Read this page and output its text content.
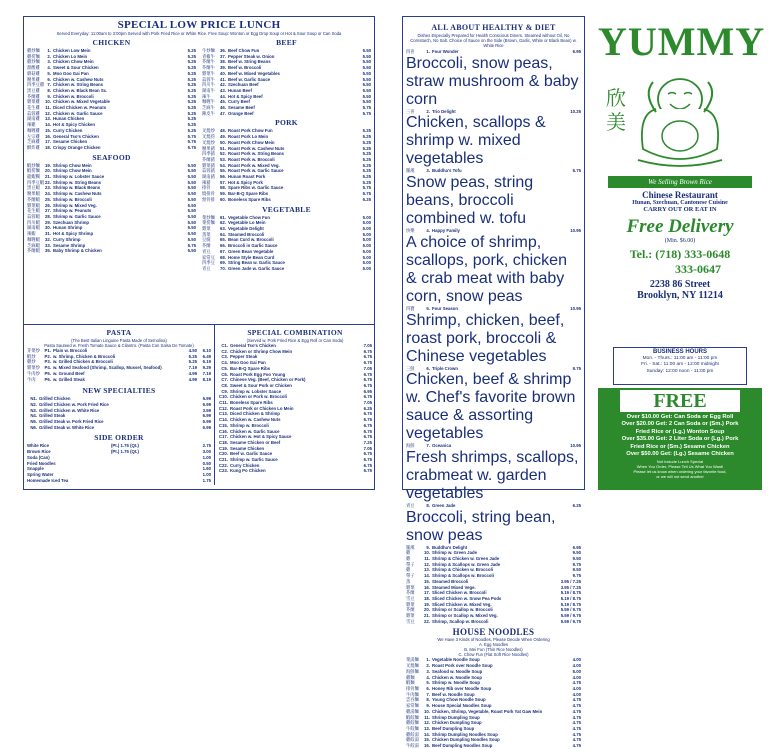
SPECIAL LOW PRICE LUNCH
Served Everyday: 11:00am to 3:00pm Served with Pork Fried Rice or White Rice. Free Soup: Wonton or Egg Drop Soup or Hot & Sour Soup or Can Soda
CHICKEN
雞炒麵	1. Chicken Low Mein	5.25
雞捞麵	2. Chicken Lo Mein	5.25
雞炒麵	3. Chicken Chow Mein	5.25
甜酸雞	4. Sweet & Sour Chicken	5.25
蘑菇雞	5. Moo Goo Gai Pan	5.25
腰果雞	6. Chicken w. Cashew Nuts	5.25
四季豆雞 7. Chicken w. String Beans	5.25
黑豆雞	8. Chicken w. Black Bean Sc.	5.25
芥蘭雞	9. Chicken w. Broccoli	5.25
雜菜雞	10. Chicken w. Mixed Vegetable	5.25
花生雞	11. Diced Chicken w. Peanuts	5.25
蒜蓉雞	12. Chicken w. Garlic Sauce	5.25
湖南雞	13. Hunan Chicken	5.25
辣雞	14. Hot & Spicy Chicken	5.25
咖喱雞	15. Curry Chicken	5.25
左宗雞	16. General Tso's Chicken	5.75
芝麻雞	17. Sesame Chicken	5.75
酥炸雞	18. Crispy Orange Chicken	5.75
SEAFOOD
蝦炒麵	19. Shrimp Chow Mein	5.50
蝦捞麵	20. Shrimp Chow Mein	5.50
龍蝦糊	21. Shrimp w. Lobster Sauce	5.50
四季豆蝦 22. Shrimp w. String Beans	5.50
黑豆蝦	23. Shrimp w. Black Beans	5.50
腰果蝦	24. Shrimp w. Cashew Nuts	5.50
芥蘭蝦	25. Shrimp w. Broccoli	5.50
雜菜蝦	26. Shrimp w. Mixed Veg.	5.50
花生蝦	27. Shrimp w. Peanuts	5.50
蒜蓉蝦	28. Shrimp w. Garlic Sauce	5.50
四川蝦	29. Szechuan Shrimp	5.50
湖南蝦	30. Hunan Shrimp	5.50
辣蝦	31. Hot & Spicy Shrimp	5.50
咖喱蝦	32. Curry Shrimp	5.50
芝麻蝦	33. Sesame Shrimp	5.75
芥蘭蝦	35. Baby Shrimp & Chicken	5.50
BEEF
牛炒麵	36. Beef Chow Fun	5.50
青椒牛	37. Pepper Steak w. Onion	5.50
芥蘭牛	38. Beef w. String Beans	5.50
芥蘭牛	39. Beef w. Broccoli	5.50
雜菜牛	40. Beef w. Mixed Vegetables	5.50
蒜蓉牛	41. Beef w. Garlic Sauce	5.50
四川牛	42. Szechuan Beef	5.50
湖南牛	43. Hunan Beef	5.50
辣牛	44. Hot & Spicy Beef	5.50
咖喱牛	45. Curry Beef	5.50
芝麻牛	46. Sesame Beef	5.75
陳皮牛	47. Orange Beef	5.75
PORK
叉燒炒	48. Roast Pork Chow Fun	5.25
叉燒捞	49. Roast Pork Lo Mein	5.25
叉燒炒	50. Roast Pork Chow Mein	5.25
腰果豬	51. Roast Pork w. Cashew Nuts	5.25
四季豬	52. Roast Pork w. String Beans	5.25
芥蘭豬	53. Roast Pork w. Broccoli	5.25
雜菜豬	54. Roast Pork w. Mixed Veg.	5.25
蒜蓉豬	55. Roast Pork w. Garlic Sauce	5.25
湖南豬	56. Hunan Roast Pork	5.25
辣豬	57. Hot & Spicy Pork	5.25
排骨	58. Spare Ribs w. Garlic Sauce	5.75
燒排骨	59. Bar-B-Q Spare Ribs	5.75
無骨排	60. Boneless Spare Ribs	6.25
VEGETABLE
菜炒麵	61. Vegetable Chow Fun	5.00
菜捞麵	62. Vegetable Lo Mein	5.00
雜菜	63. Vegetable Delight	5.00
蒸菜	64. Steamed Broccoli	5.00
豆腐	65. Bean Curd w. Broccoli	5.00
芥蘭	66. Broccoli in Garlic Sauce	5.00
青豆	67. Green Bean Vegetable	5.00
家常豆	68. Home Style Bean Curd	5.00
四季豆	69. String Bean w. Garlic Sauce	5.00
青豆	70. Green Jade w. Garlic Sauce	5.00
PASTA
(The Best Italian Linguine Pasta Made of Semolina)
Pasta Sauteed w. Fresh Tomato Sauce & Cilantro. (Pasta Con Salsa De Tomate)
芽菜炒	P1. Plain w. Broccoli	4.50	6.10
蝦炒	P2. w. Shrimp, Chicken & Broccoli	5.25	6.49
雞炒	P3. w. Grilled Chicken & Broccoli	5.25	6.19
雜菜炒	P4. w. Mixed Seafood (Shrimp, Scallop, Mussel, Seafood)	7.19	9.29
牛肉炒	P5. w. Ground Beef	4.99	7.19
牛肉	P6. w. Grilled Steak	4.99	8.19
NEW SPECIALTIES
N1. Grilled Chicken	5.99
N2. Grilled Chicken w. Pork Fried Rice	6.99
N3. Grilled Chicken w. White Rice	3.59
N4. Grilled Steak	6.99
N5. Grilled Steak w. Pork Fried Rice	5.99
N6. Grilled Steak w. White Rice	6.99
SIDE ORDER
White Rice	(Pt.) 1.75 (Qt.)	2.75
Brown Rice	(Pt.) 1.75 (Qt.)	3.00
Soda (Can)	1.00
Fried Noodles	0.50
Snapple	1.60
Spring Water	1.00
Homemade Iced Tea	1.75
SPECIAL COMBINATION
(Served w. Pork Fried Rice & Egg Roll or Can Soda)
C1. General Tso's Chicken	7.05
C2. Chicken or Shrimp Chow Mein	6.75
C3. Pepper Steak	6.75
C4. Moo Goo Gai Pan	6.75
C5. Bar-B-Q Spare Ribs	7.05
C6. Roast Pork Egg Foo Young	6.75
C7. Chinese Veg. (Beef, Chicken or Pork)	6.75
C8. Sweet & Sour Pork or Chicken	6.75
C9. Shrimp w. Lobster Sauce	6.95
C10. Chicken or Pork w. Broccoli	6.75
C11. Boneless Spare Ribs	7.05
C12. Roast Pork or Chicken Lo Mein	6.25
C13. Diced Chicken & Shrimp	6.75
C14. Chicken w. Cashew Nuts	6.75
C15. Shrimp w. Broccoli	6.75
C16. Chicken w. Garlic Sauce	6.75
C17. Chicken w. Hot & Spicy Sauce	6.75
C18. Sesame Chicken or Beef	7.25
C19. Sesame Chicken	7.05
C20. Beef w. Garlic Sauce	6.75
C21. Shrimp w. Garlic Sauce	6.75
C22. Curry Chicken	6.75
C23. Kung Po Chicken	6.75
ALL ABOUT HEALTHY & DIET
Dishes Especially Prepared for Health Conscious Diners. Steamed without Oil, No Cornstarch, No Salt. Choice of Sauce on the Side (Brown, Garlic, White or Black Bean) w. White Rice
四喜	1. Four Wonder	6.95
Broccoli, snow peas, straw mushroom & baby corn
三喜	2. Trio Delight	10.25
Chicken, scallops & shrimp w. mixed vegetables
羅漢	3. Buddha's Tofu	6.75
Snow peas, string beans, broccoli combined w. tofu
快樂	4. Happy Family	10.95
A choice of shrimp, scallops, pork, chicken & crab meat with baby corn, snow peas
四寶	5. Four Season	10.95
Shrimp, chicken, beef, roast pork, broccoli & Chinese vegetables
三鮮	6. Triple Crown	9.75
Chicken, beef & shrimp w. Chef's favorite brown sauce & assorting vegetables
海鮮	7. Oceanica	10.95
Fresh shrimps, scallops, crabmeat w. garden vegetables
青豆	8. Green Jade	6.25
Broccoli, string bean, snow peas
羅漢	9. Buddha's Delight	6.95
雞	10. Shrimp w. Green Jade	9.50
雞	11. Shrimp & Chicken w. Green Jade	9.50
帶子	12. Shrimp & Scallops w. Green Jade	9.75
雞	13. Shrimp & Chicken w. Broccoli	9.50
帶子	14. Shrimp & Scallops w. Broccoli	9.75
蒸	15. Steamed Broccoli	3.95 / 7.25
雜菜	16. Steamed Mixed Vege.	3.95 / 7.25
芥蘭	17. Sliced Chicken w. Broccoli	5.19 / 8.75
雪豆	18. Sliced Chicken w. Snow Pea Pods	5.19 / 8.75
雜菜	19. Sliced Chicken w. Mixed Veg.	5.19 / 8.75
芥蘭	20. Shrimp or Scallop w. Broccoli	5.59 / 9.75
雜菜	21. Shrimp or Scallop w. Mixed Veg.	5.59 / 9.75
雪豆	22. Shrimp, Scallop w. Broccoli	5.59 / 9.75
HOUSE NOODLES
We Have 3 Kinds of Noodles, Please Decide When Ordering
A. Egg Noodles
B. Mei Fun (Thin Rice Noodles)
C. Chow Fun (Flat Soft Rice Noodles)
菜湯麵	1. Vegetable Noodle Soup	4.00
叉燒麵	2. Roast Pork over Noodle Soup	4.00
海鮮麵	3. Seafood w. Noodle Soup	5.00
雞麵	4. Chicken w. Noodle Soup	4.00
蝦麵	5. Shrimp w. Noodle Soup	4.75
排骨麵	6. Honey Rib over Noodle Soup	4.00
牛肉麵	7. Beef w. Noodle Soup	4.00
雲吞麵	8. Young Chow Noodle Soup	4.75
家常麵	9. House Special Noodles Soup	4.75
雞湯麵	10. Chicken, Shrimp, Vegetable, Roast Pork Yat Gaw Mein	4.75
蝦餃麵	11. Shrimp Dumpling Soup	4.75
雞餃麵	12. Chicken Dumpling Soup	4.75
牛餃麵	13. Beef Dumpling Soup	4.75
雞餃湯	14. Shrimp Dumpling Noodles Soup	4.75
雞餃湯	15. Chicken Dumpling Noodles Soup	4.75
牛餃湯	16. Beef Dumpling Noodles Soup	4.75
YUMMY
欣美
We Selling Brown Rice
Chinese Restaurant
Hunan, Szechuan, Cantonese Cuisine
CARRY OUT OR EAT IN
Free Delivery
(Min. $6.00)
Tel.: (718) 333-0648
333-0647
2238 86 Street
Brooklyn, NY 11214
BUSINESS HOURS
Mon. - Thurs.: 11:00 am - 11:00 pm
Fri. - Sat.: 11:00 am - 12:00 midnight
Sunday: 12:00 noon - 11:00 pm
FREE
Over $10.00 Get: Can Soda or Egg Roll
Over $20.00 Get: 2 Can Soda or (Sm.) Pork
Fried Rice or (Lg.) Wonton Soup
Over $35.00 Get: 2 Liter Soda or (Lg.) Pork
Fried Rice or (Sm.) Sesame Chicken
Over $50.00 Get: (Lg.) Sesame Chicken
Not Include Lunch Special
When You Order, Please Tell Us What You Want!
Please let us know when ordering your favorite food,
or we will not send another
